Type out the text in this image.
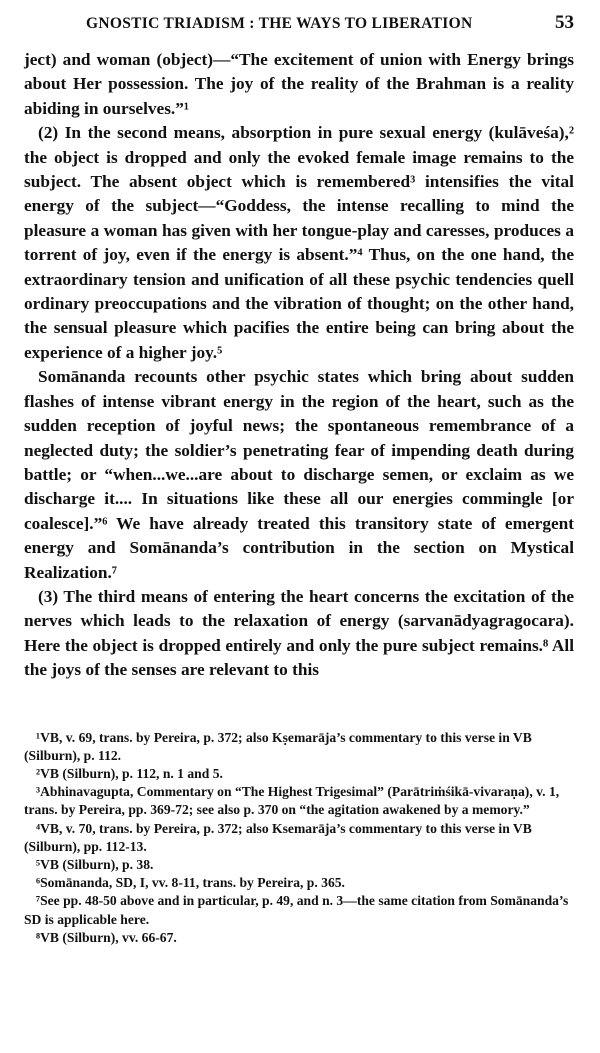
GNOSTIC TRIADISM : THE WAYS TO LIBERATION	53

ject) and woman (object)—“The excitement of union with Energy brings about Her possession. The joy of the reality of the Brahman is a reality abiding in ourselves.”¹

(2) In the second means, absorption in pure sexual energy (kulāveśa),² the object is dropped and only the evoked female image remains to the subject. The absent object which is remembered³ intensifies the vital energy of the subject—“Goddess, the intense recalling to mind the pleasure a woman has given with her tongue-play and caresses, produces a torrent of joy, even if the energy is absent.”⁴ Thus, on the one hand, the extraordinary tension and unification of all these psychic tendencies quell ordinary preoccupations and the vibration of thought; on the other hand, the sensual pleasure which pacifies the entire being can bring about the experience of a higher joy.⁵

Somānanda recounts other psychic states which bring about sudden flashes of intense vibrant energy in the region of the heart, such as the sudden reception of joyful news; the spontaneous remembrance of a neglected duty; the soldier’s penetrating fear of impending death during battle; or “when...we...are about to discharge semen, or exclaim as we discharge it.... In situations like these all our energies commingle [or coalesce].”⁶ We have already treated this transitory state of emergent energy and Somānanda’s contribution in the section on Mystical Realization.⁷

(3) The third means of entering the heart concerns the excitation of the nerves which leads to the relaxation of energy (sarvanādyagragocara). Here the object is dropped entirely and only the pure subject remains.⁸ All the joys of the senses are relevant to this

¹VB, v. 69, trans. by Pereira, p. 372; also Kṣemarāja’s commentary to this verse in VB (Silburn), p. 112.

²VB (Silburn), p. 112, n. 1 and 5.

³Abhinavagupta, Commentary on “The Highest Trigesimal” (Parātriṁśikā-vivaraṇa), v. 1, trans. by Pereira, pp. 369-72; see also p. 370 on “the agitation awakened by a memory.”

⁴VB, v. 70, trans. by Pereira, p. 372; also Ksemarāja’s commentary to this verse in VB (Silburn), pp. 112-13.

⁵VB (Silburn), p. 38.

⁶Somānanda, SD, I, vv. 8-11, trans. by Pereira, p. 365.

⁷See pp. 48-50 above and in particular, p. 49, and n. 3—the same citation from Somānanda’s SD is applicable here.

⁸VB (Silburn), vv. 66-67.
